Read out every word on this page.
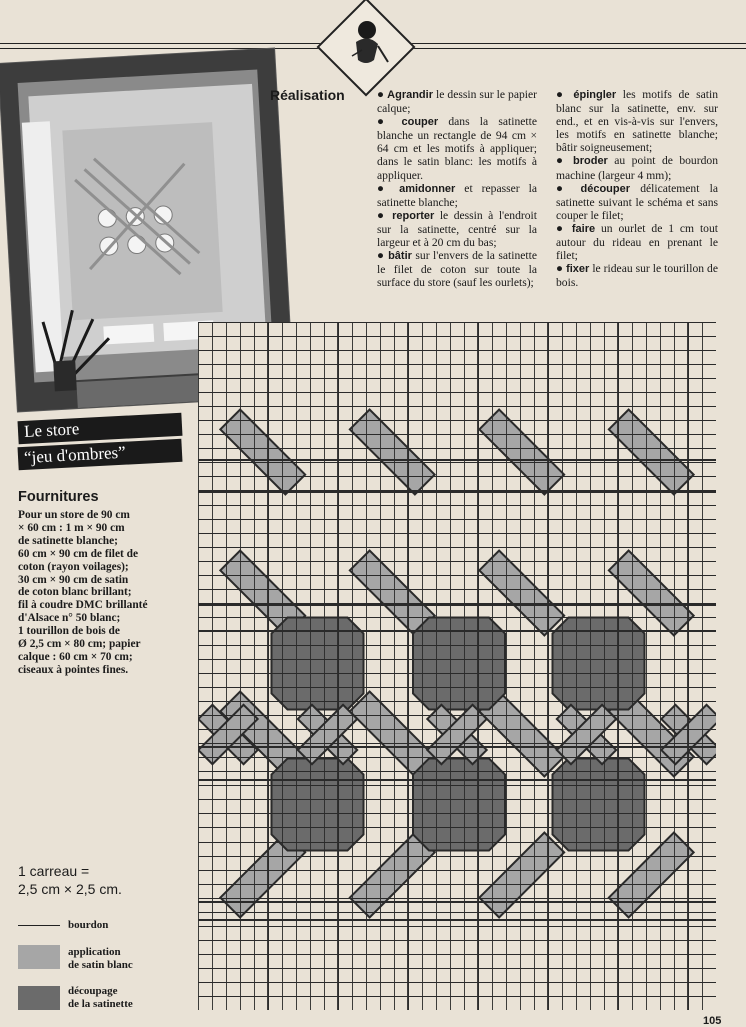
Réalisation	● Agrandir le dessin sur le papier calque;

● couper dans la satinette blanche un rectangle de 94 cm × 64 cm et les motifs à appliquer; dans le satin blanc: les motifs à appliquer.

● amidonner et repasser la satinette blanche;

● reporter le dessin à l'endroit sur la satinette, centré sur la largeur et à 20 cm du bas;

● bâtir sur l'envers de la satinette le filet de coton sur toute la surface du store (sauf les ourlets);

● épingler les motifs de satin blanc sur la satinette, env. sur end., et en vis-à-vis sur l'envers, les motifs en satinette blanche; bâtir soigneusement;

● broder au point de bourdon machine (largeur 4 mm);

● découper délicatement la satinette suivant le schéma et sans couper le filet;

● faire un ourlet de 1 cm tout autour du rideau en prenant le filet;

● fixer le rideau sur le tourillon de bois.

Le store
“jeu d'ombres”
Fournitures
Pour un store de 90 cm
× 60 cm : 1 m × 90 cm
de satinette blanche;
60 cm × 90 cm de filet de
coton (rayon voilages);
30 cm × 90 cm de satin
de coton blanc brillant;
fil à coudre DMC brillanté
d'Alsace n° 50 blanc;
1 tourillon de bois de
Ø 2,5 cm × 80 cm; papier
calque : 60 cm × 70 cm;
ciseaux à pointes fines.
1 carreau =
2,5 cm × 2,5 cm.
bourdon
application
de satin blanc
découpage
de la satinette
105
